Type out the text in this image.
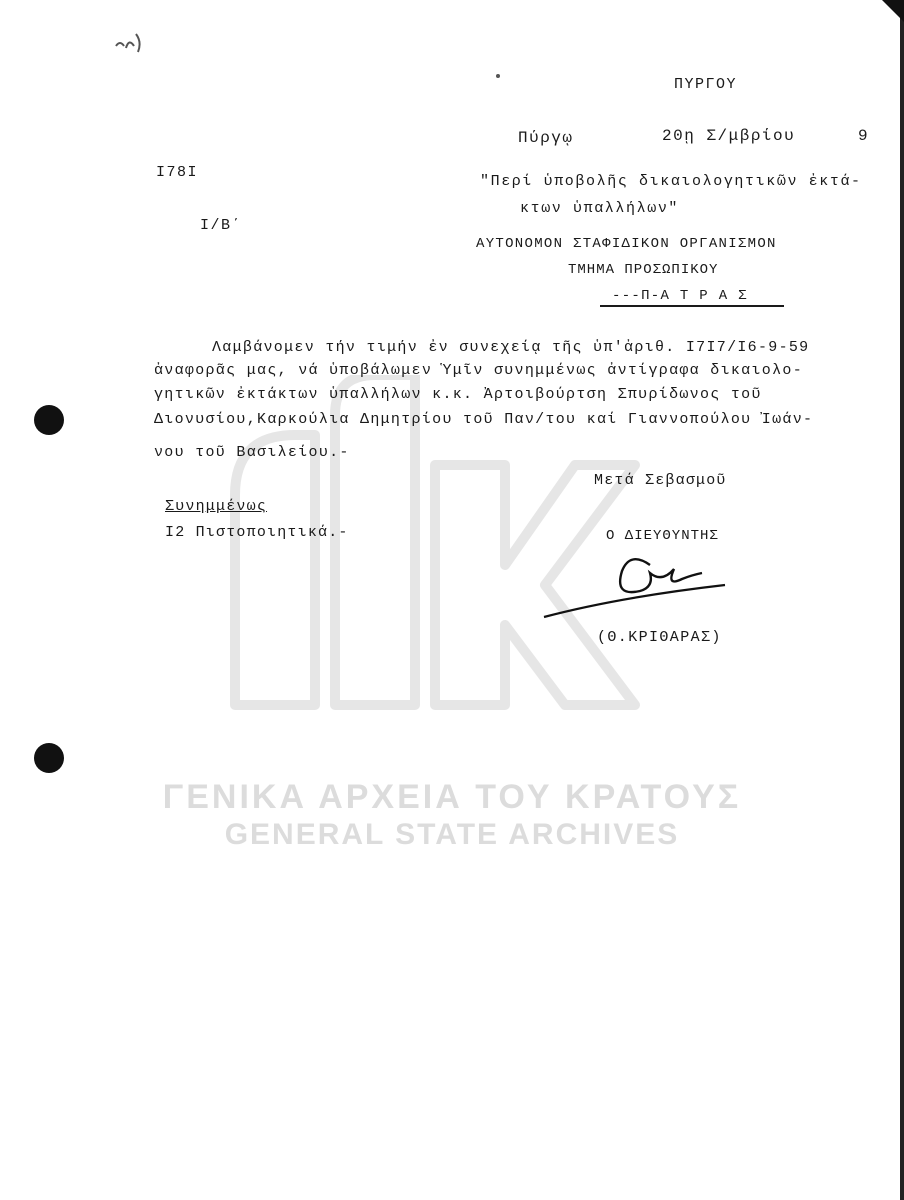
ΠΥΡΓΟΥ
Πύργῳ	20ῃ Σ/μβρίου	9
I78I
I/B΄
"Περί ὑποβολῆς δικαιολογητικῶν ἐκτά-
κτων ὑπαλλήλων"
ΑΥΤΟΝΟΜΟΝ ΣΤΑΦΙΔΙΚΟΝ ΟΡΓΑΝΙΣΜΟΝ
ΤΜΗΜΑ ΠΡΟΣΩΠΙΚΟΥ
---Π-Α Τ Ρ Α Σ
Λαμβάνομεν τήν τιμήν ἐν συνεχείᾳ τῆς ὑπ'ἀριθ. I7I7/I6-9-59
ἀναφορᾶς μας, νά ὑποβάλωμεν Ὑμῖν συνημμένως ἀντίγραφα δικαιολο-
γητικῶν ἐκτάκτων ὑπαλλήλων κ.κ. Ἀρτοιβούρτση Σπυρίδωνος τοῦ
Διονυσίου,Καρκούλια Δημητρίου τοῦ Παν/του καί Γιαννοπούλου Ἰωάν-
νου τοῦ Βασιλείου.-
Μετά Σεβασμοῦ
Ο ΔΙΕΥΘΥΝΤΗΣ
(Θ.ΚΡΙΘΑΡΑΣ)
Συνημμένως
I2 Πιστοποιητικά.-
ΓΕΝΙΚΑ ΑΡΧΕΙΑ ΤΟΥ ΚΡΑΤΟΥΣ
GENERAL STATE ARCHIVES
